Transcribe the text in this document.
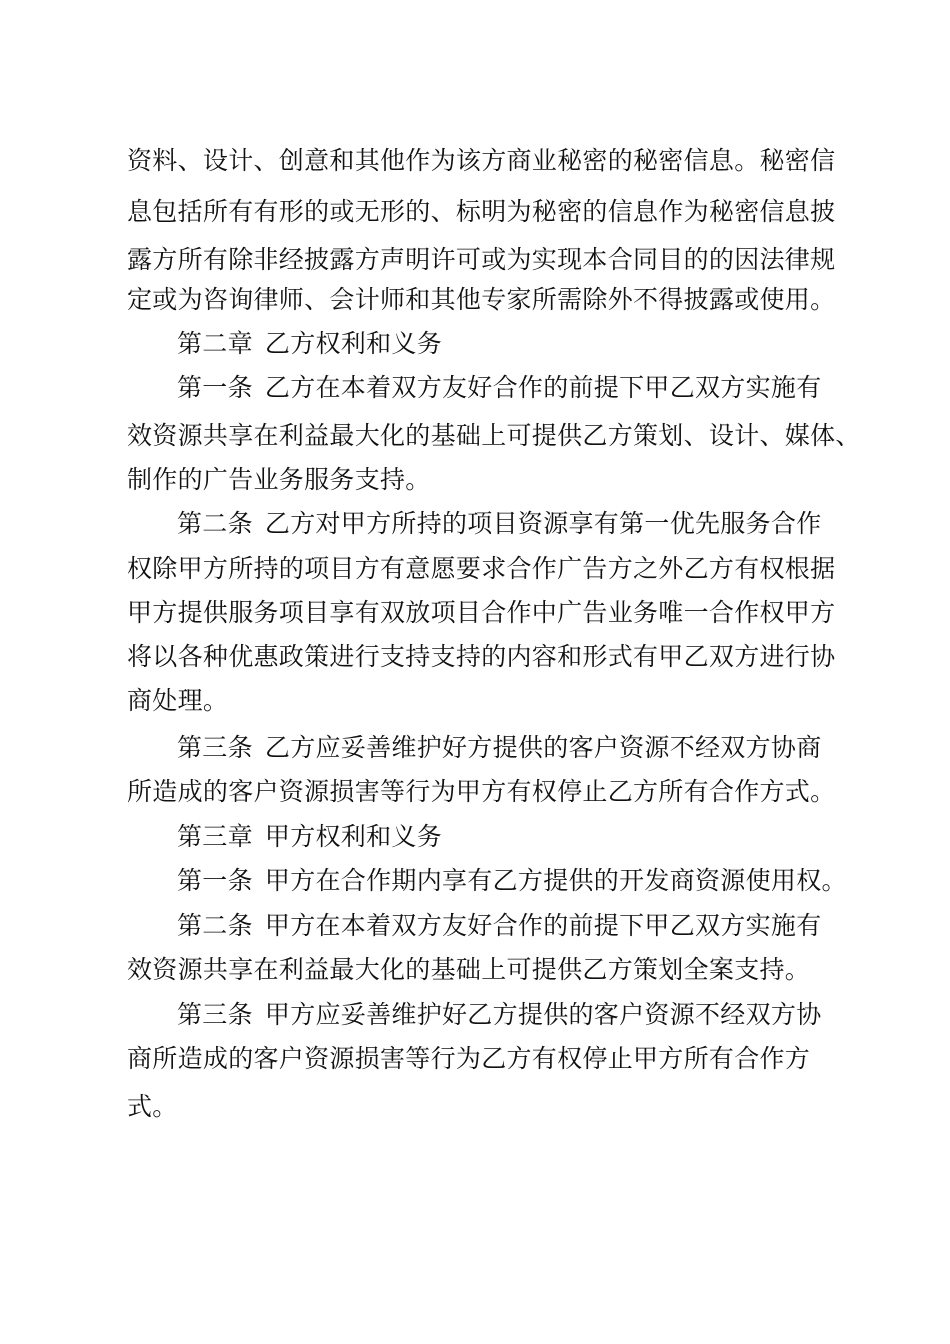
资料、设计、创意和其他作为该方商业秘密的秘密信息。秘密信
息包括所有有形的或无形的、标明为秘密的信息作为秘密信息披
露方所有除非经披露方声明许可或为实现本合同目的的因法律规
定或为咨询律师、会计师和其他专家所需除外不得披露或使用。
第二章 乙方权利和义务
第一条 乙方在本着双方友好合作的前提下甲乙双方实施有
效资源共享在利益最大化的基础上可提供乙方策划、设计、媒体、
制作的广告业务服务支持。
第二条 乙方对甲方所持的项目资源享有第一优先服务合作
权除甲方所持的项目方有意愿要求合作广告方之外乙方有权根据
甲方提供服务项目享有双放项目合作中广告业务唯一合作权甲方
将以各种优惠政策进行支持支持的内容和形式有甲乙双方进行协
商处理。
第三条 乙方应妥善维护好方提供的客户资源不经双方协商
所造成的客户资源损害等行为甲方有权停止乙方所有合作方式。
第三章 甲方权利和义务
第一条 甲方在合作期内享有乙方提供的开发商资源使用权。
第二条 甲方在本着双方友好合作的前提下甲乙双方实施有
效资源共享在利益最大化的基础上可提供乙方策划全案支持。
第三条 甲方应妥善维护好乙方提供的客户资源不经双方协
商所造成的客户资源损害等行为乙方有权停止甲方所有合作方
式。
